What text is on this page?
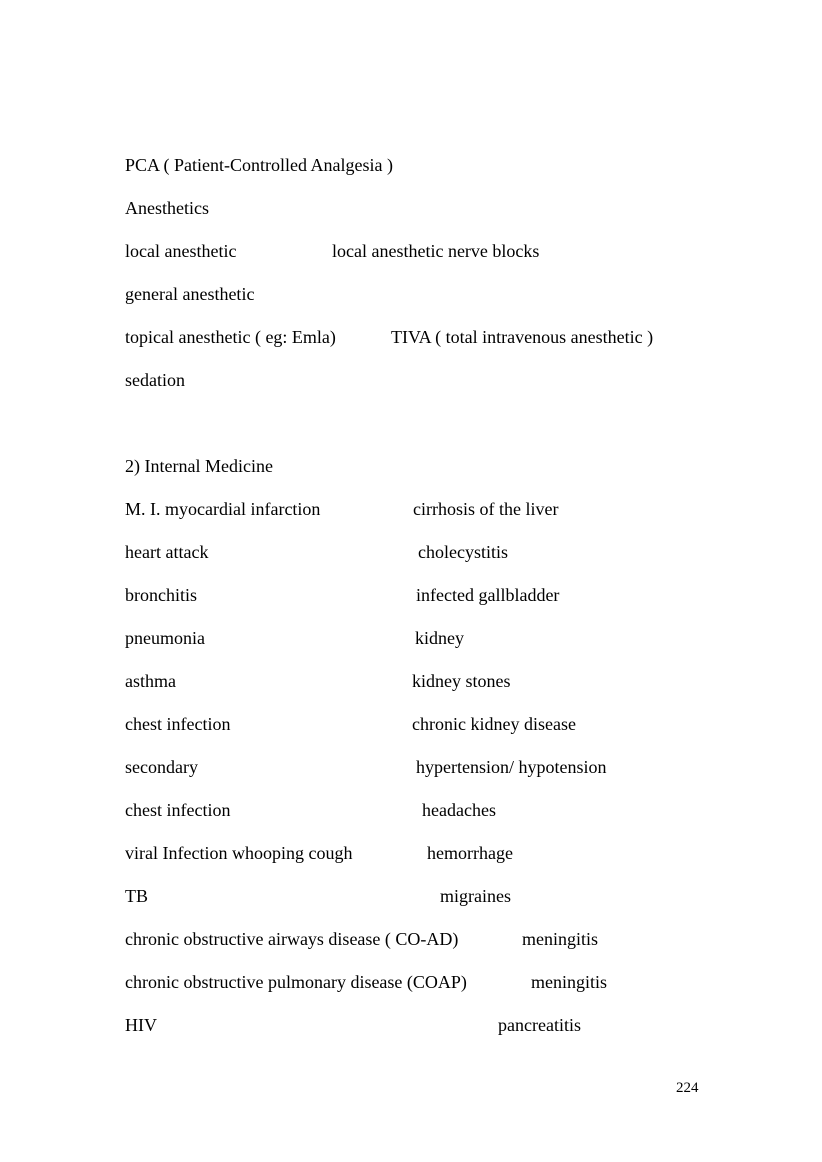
PCA ( Patient-Controlled Analgesia )
Anesthetics
local anesthetic	local anesthetic nerve blocks
general anesthetic
topical anesthetic ( eg: Emla)	TIVA ( total intravenous anesthetic )
sedation
2) Internal Medicine
M. I. myocardial infarction	cirrhosis of the liver
heart attack	cholecystitis
bronchitis	infected gallbladder
pneumonia	kidney
asthma	kidney stones
chest infection	chronic kidney disease
secondary	hypertension/ hypotension
chest infection	headaches
viral Infection whooping cough	hemorrhage
TB	migraines
chronic obstructive airways disease ( CO-AD)	meningitis
chronic obstructive pulmonary disease (COAP)	meningitis
HIV	pancreatitis
224
